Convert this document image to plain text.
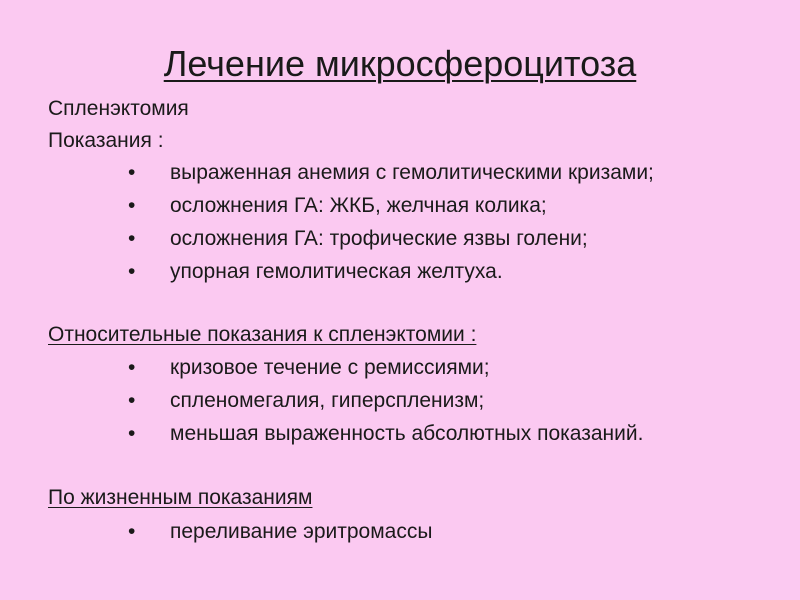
Лечение микросфероцитоза
Спленэктомия
Показания :
• выраженная анемия с гемолитическими кризами;
• осложнения ГА: ЖКБ, желчная колика;
• осложнения ГА: трофические язвы голени;
• упорная гемолитическая желтуха.
Относительные показания к спленэктомии :
• кризовое течение с ремиссиями;
• спленомегалия, гиперспленизм;
• меньшая выраженность абсолютных показаний.
По жизненным показаниям
• переливание эритромассы
